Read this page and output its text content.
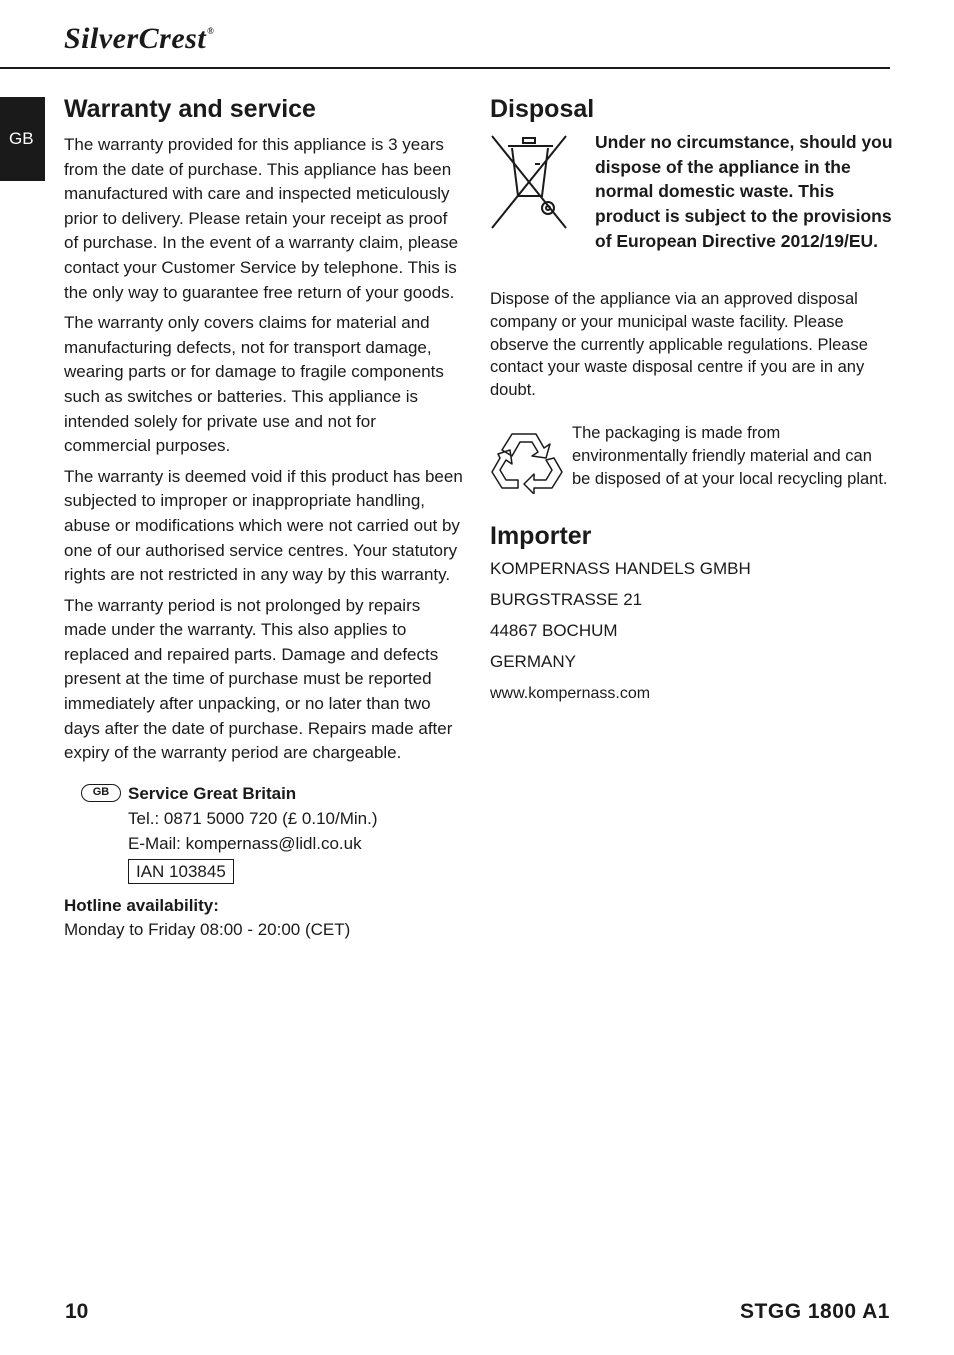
SilverCrest®
GB
Warranty and service

The warranty provided for this appliance is 3 years from the date of purchase. This appliance has been manufactured with care and inspected meticulously prior to delivery. Please retain your receipt as proof of purchase. In the event of a warranty claim, please contact your Customer Service by telephone. This is the only way to guarantee free return of your goods.

The warranty only covers claims for material and manufacturing defects, not for transport damage, wearing parts or for damage to fragile components such as switches or batteries. This appliance is intended solely for private use and not for commercial purposes.

The warranty is deemed void if this product has been subjected to improper or inappropriate handling, abuse or modifications which were not carried out by one of our authorised service centres. Your statutory rights are not restricted in any way by this warranty.

The warranty period is not prolonged by repairs made under the warranty. This also applies to replaced and repaired parts. Damage and defects present at the time of purchase must be reported immediately after unpacking, or no later than two days after the date of purchase. Repairs made after expiry of the warranty period are chargeable.

GB	Service Great Britain
Tel.: 0871 5000 720 (£ 0.10/Min.)
E-Mail: kompernass@lidl.co.uk
IAN 103845
Hotline availability:
Monday to Friday 08:00 - 20:00 (CET)
Disposal
Under no circumstance, should you dispose of the appliance in the normal domestic waste. This product is subject to the provisions of European Directive 2012/19/EU.

Dispose of the appliance via an approved disposal company or your municipal waste facility. Please observe the currently applicable regulations. Please contact your waste disposal centre if you are in any doubt.

The packaging is made from environmentally friendly material and can be disposed of at your local recycling plant.
Importer
KOMPERNASS HANDELS GMBH
BURGSTRASSE 21
44867 BOCHUM
GERMANY
www.kompernass.com
10	STGG 1800 A1
